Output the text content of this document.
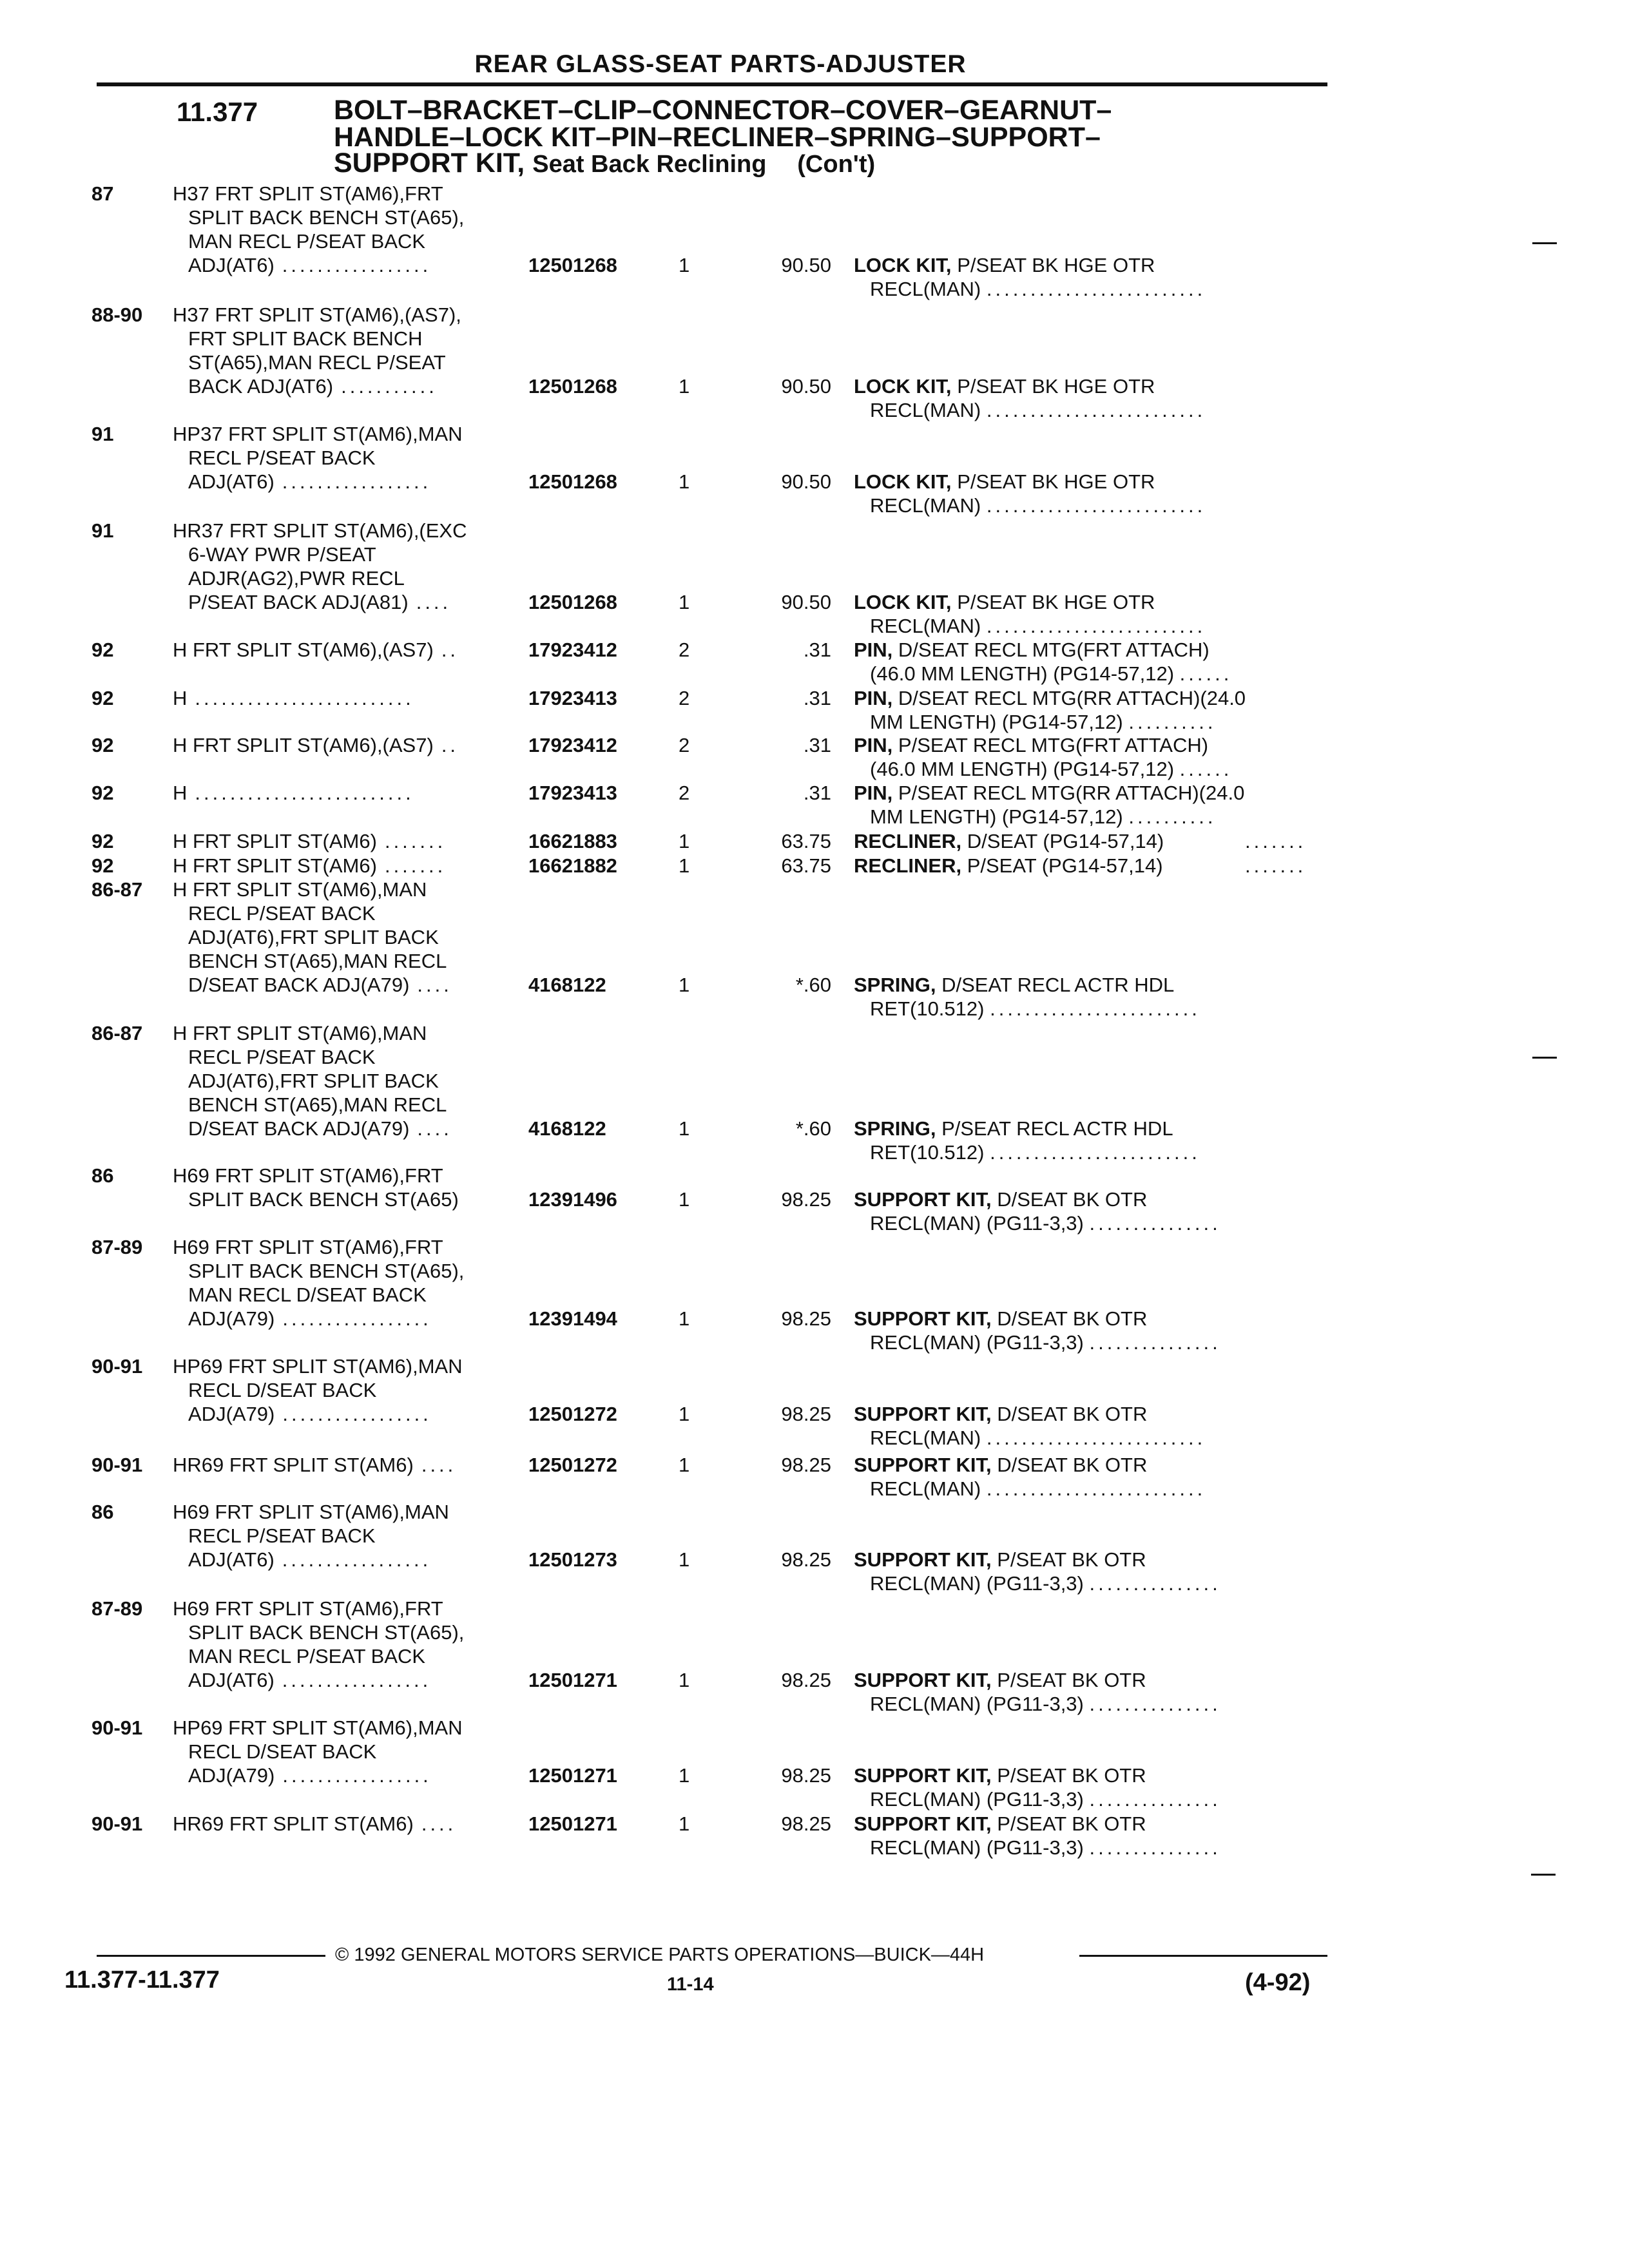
REAR GLASS-SEAT PARTS-ADJUSTER
11.377	BOLT–BRACKET–CLIP–CONNECTOR–COVER–GEARNUT–
HANDLE–LOCK KIT–PIN–RECLINER–SPRING–SUPPORT–
SUPPORT KIT, Seat Back Reclining (Con't)
87	H37 FRT SPLIT ST(AM6),FRT
SPLIT BACK BENCH ST(A65),
MAN RECL P/SEAT BACK
ADJ(AT6)	12501268	1	90.50 LOCK KIT, P/SEAT BK HGE OTR
.................
RECL(MAN) .........................
88-90 H37 FRT SPLIT ST(AM6),(AS7),
FRT SPLIT BACK BENCH
ST(A65),MAN RECL P/SEAT
BACK ADJ(AT6)	12501268	1	90.50 LOCK KIT, P/SEAT BK HGE OTR
...........
RECL(MAN) .........................
91	HP37 FRT SPLIT ST(AM6),MAN
RECL P/SEAT BACK
ADJ(AT6)	12501268	1	90.50 LOCK KIT, P/SEAT BK HGE OTR
.................
RECL(MAN) .........................
91	HR37 FRT SPLIT ST(AM6),(EXC
6-WAY PWR P/SEAT
ADJR(AG2),PWR RECL
P/SEAT BACK ADJ(A81)	12501268	1	90.50 LOCK KIT, P/SEAT BK HGE OTR
....
RECL(MAN) .........................
92	H FRT SPLIT ST(AM6),(AS7)	17923412	2	.31 PIN, D/SEAT RECL MTG(FRT ATTACH)
..
(46.0 MM LENGTH) (PG14-57,12) ......
92	H	17923413	2	.31 PIN, D/SEAT RECL MTG(RR ATTACH)(24.0
.........................
MM LENGTH) (PG14-57,12) ..........
92	H FRT SPLIT ST(AM6),(AS7)	17923412	2	.31 PIN, P/SEAT RECL MTG(FRT ATTACH)
..
(46.0 MM LENGTH) (PG14-57,12) ......
92	H	17923413	2	.31 PIN, P/SEAT RECL MTG(RR ATTACH)(24.0
.........................
MM LENGTH) (PG14-57,12) ..........
92	H FRT SPLIT ST(AM6)	16621883	1	63.75 RECLINER, D/SEAT (PG14-57,14)
.......	.......
92	H FRT SPLIT ST(AM6)	16621882	1	63.75 RECLINER, P/SEAT (PG14-57,14)
.......	.......
86-87 H FRT SPLIT ST(AM6),MAN
RECL P/SEAT BACK
ADJ(AT6),FRT SPLIT BACK
BENCH ST(A65),MAN RECL
D/SEAT BACK ADJ(A79)	4168122	1	*.60 SPRING, D/SEAT RECL ACTR HDL
....
RET(10.512) ........................
86-87 H FRT SPLIT ST(AM6),MAN
RECL P/SEAT BACK
ADJ(AT6),FRT SPLIT BACK
BENCH ST(A65),MAN RECL
D/SEAT BACK ADJ(A79)	4168122	1	*.60 SPRING, P/SEAT RECL ACTR HDL
....
RET(10.512) ........................
86	H69 FRT SPLIT ST(AM6),FRT
SPLIT BACK BENCH ST(A65)	12391496	1	98.25 SUPPORT KIT, D/SEAT BK OTR
RECL(MAN) (PG11-3,3) ...............
87-89 H69 FRT SPLIT ST(AM6),FRT
SPLIT BACK BENCH ST(A65),
MAN RECL D/SEAT BACK
ADJ(A79)	12391494	1	98.25 SUPPORT KIT, D/SEAT BK OTR
.................
RECL(MAN) (PG11-3,3) ...............
90-91 HP69 FRT SPLIT ST(AM6),MAN
RECL D/SEAT BACK
ADJ(A79)	12501272	1	98.25 SUPPORT KIT, D/SEAT BK OTR
.................
RECL(MAN) .........................
90-91 HR69 FRT SPLIT ST(AM6)	12501272	1	98.25 SUPPORT KIT, D/SEAT BK OTR
....
RECL(MAN) .........................
86	H69 FRT SPLIT ST(AM6),MAN
RECL P/SEAT BACK
ADJ(AT6)	12501273	1	98.25 SUPPORT KIT, P/SEAT BK OTR
.................
RECL(MAN) (PG11-3,3) ...............
87-89 H69 FRT SPLIT ST(AM6),FRT
SPLIT BACK BENCH ST(A65),
MAN RECL P/SEAT BACK
ADJ(AT6)	12501271	1	98.25 SUPPORT KIT, P/SEAT BK OTR
.................
RECL(MAN) (PG11-3,3) ...............
90-91 HP69 FRT SPLIT ST(AM6),MAN
RECL D/SEAT BACK
ADJ(A79)	12501271	1	98.25 SUPPORT KIT, P/SEAT BK OTR
.................
RECL(MAN) (PG11-3,3) ...............
90-91 HR69 FRT SPLIT ST(AM6)	12501271	1	98.25 SUPPORT KIT, P/SEAT BK OTR
....
RECL(MAN) (PG11-3,3) ...............
© 1992 GENERAL MOTORS SERVICE PARTS OPERATIONS—BUICK—44H
11.377-11.377	11-14	(4-92)
